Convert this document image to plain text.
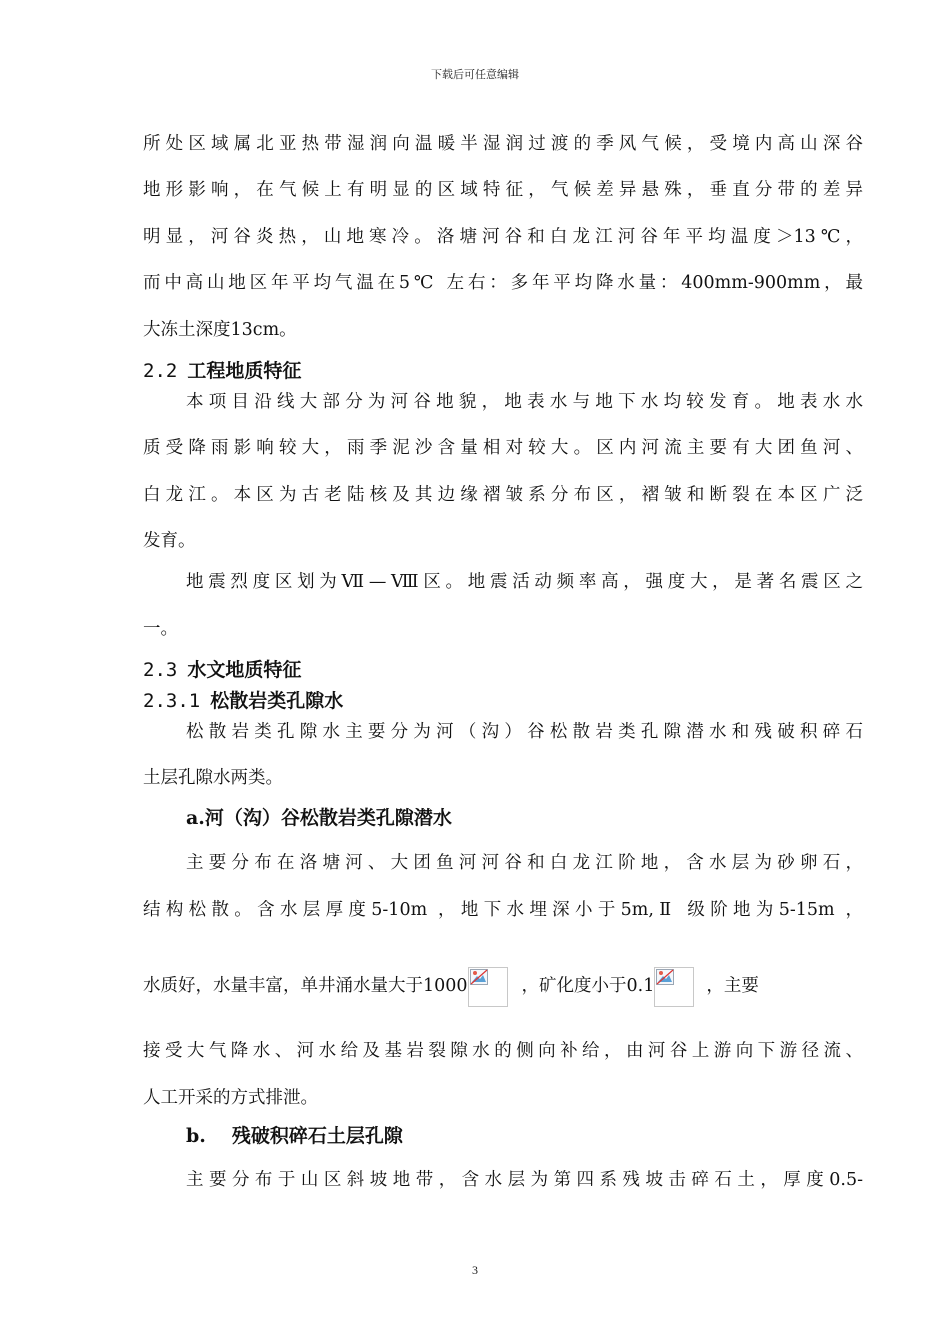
下载后可任意编辑

所处区域属北亚热带湿润向温暖半湿润过渡的季风气候，受境内高山深谷

地形影响，在气候上有明显的区域特征，气候差异悬殊，垂直分带的差异

明显，河谷炎热，山地寒冷。洛塘河谷和白龙江河谷年平均温度＞13℃，

而中高山地区年平均气温在5℃ 左右：多年平均降水量：400mm-900mm，最

大冻土深度13cm。

2.2 工程地质特征

本项目沿线大部分为河谷地貌，地表水与地下水均较发育。地表水水

质受降雨影响较大，雨季泥沙含量相对较大。区内河流主要有大团鱼河、

白龙江。本区为古老陆核及其边缘褶皱系分布区，褶皱和断裂在本区广泛

发育。

地震烈度区划为Ⅶ—Ⅷ区。地震活动频率高，强度大，是著名震区之

一。

2.3 水文地质特征
2.3.1 松散岩类孔隙水

松散岩类孔隙水主要分为河（沟）谷松散岩类孔隙潜水和残破积碎石

土层孔隙水两类。

a.河（沟）谷松散岩类孔隙潜水

主要分布在洛塘河、大团鱼河河谷和白龙江阶地，含水层为砂卵石，

结构松散。含水层厚度5-10m ，地下水埋深小于5m,Ⅱ 级阶地为5-15m ，

水质好，水量丰富，单井涌水量大于1000	，矿化度小于0.1	，主要

接受大气降水、河水给及基岩裂隙水的侧向补给，由河谷上游向下游径流、

人工开采的方式排泄。

b. 残破积碎石土层孔隙

主要分布于山区斜坡地带，含水层为第四系残坡击碎石土，厚度0.5-

3
